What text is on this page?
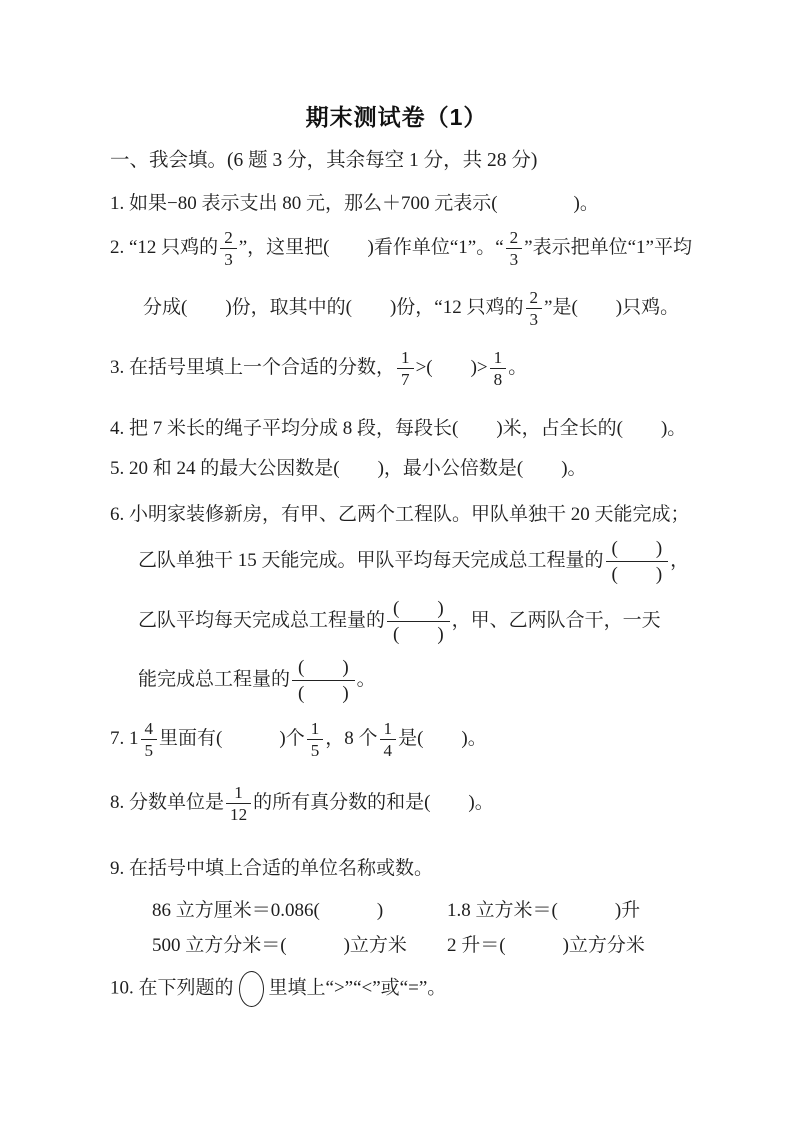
期末测试卷（1）
一、我会填。(6 题 3 分，其余每空 1 分，共 28 分)
1. 如果−80 表示支出 80 元，那么＋700 元表示(　　　　)。
2. “12 只鸡的 $\frac{2}{3}$ ”，这里把(　　)看作单位“1”。“ $\frac{2}{3}$ ”表示把单位“1”平均
分成(　　)份，取其中的(　　)份，“12 只鸡的 $\frac{2}{3}$ ”是(　　)只鸡。
3. 在括号里填上一个合适的分数， $\frac{1}{7}$ >(　　)> $\frac{1}{8}$ 。
4. 把 7 米长的绳子平均分成 8 段，每段长(　　)米，占全长的(　　)。
5. 20 和 24 的最大公因数是(　　)，最小公倍数是(　　)。
6. 小明家装修新房，有甲、乙两个工程队。甲队单独干 20 天能完成；
乙队单独干 15 天能完成。甲队平均每天完成总工程量的 $\frac{( )}{( )}$ ，
乙队平均每天完成总工程量的 $\frac{( )}{( )}$ ，甲、乙两队合干，一天
能完成总工程量的 $\frac{( )}{( )}$ 。
7. $1 \frac{4}{5}$ 里面有(　　　)个 $\frac{1}{5}$ ，8 个 $\frac{1}{4}$ 是(　　)。
8. 分数单位是 $\frac{1}{12}$ 的所有真分数的和是(　　)。
9. 在括号中填上合适的单位名称或数。
86 立方厘米＝0.086(　　　)	1.8 立方米＝(　　　)升
500 立方分米＝(　　　)立方米 2 升＝(　　　)立方分米
10. 在下列题的 里填上“>”“<”或“=”。
